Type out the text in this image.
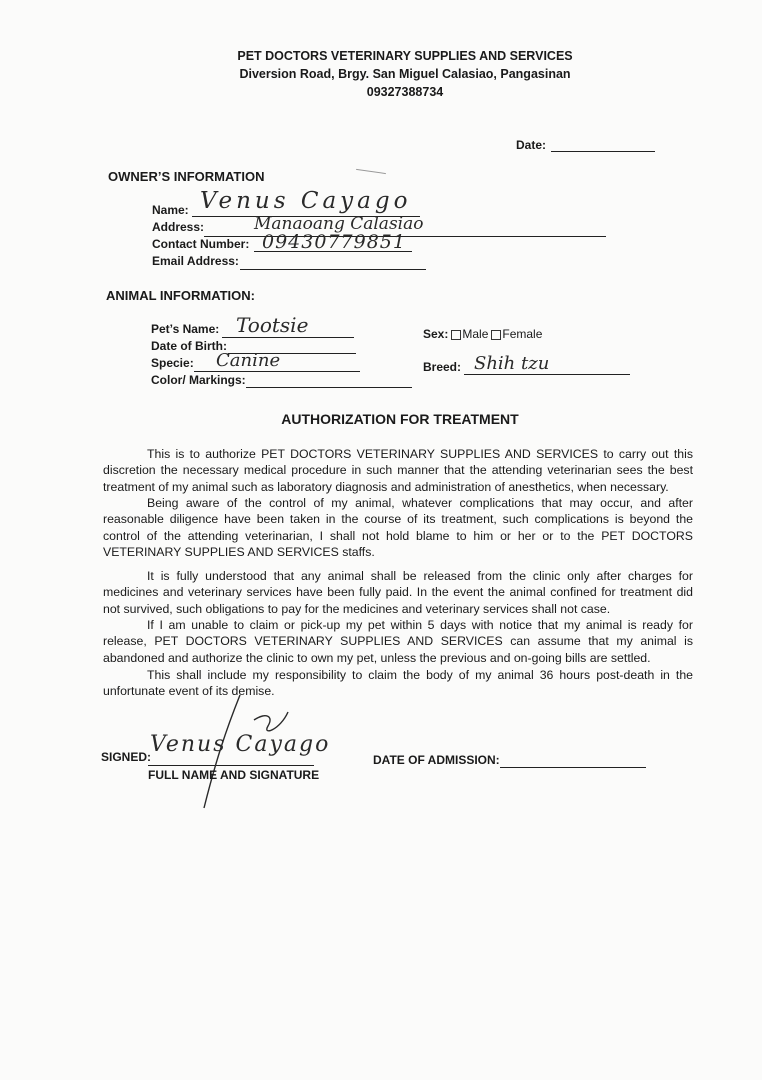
PET DOCTORS VETERINARY SUPPLIES AND SERVICES
Diversion Road, Brgy. San Miguel Calasiao, Pangasinan
09327388734
Date:
OWNER’S INFORMATION
Name: Venus Cayago
Address:	Manaoang Calasiao
Contact Number: 09430779851
Email Address:
ANIMAL INFORMATION:
Pet’s Name: Tootsie
Date of Birth:
Specie: Canine
Color/ Markings:
Sex: Male Female
Breed: Shih tzu
AUTHORIZATION FOR TREATMENT
This is to authorize PET DOCTORS VETERINARY SUPPLIES AND SERVICES to carry out this discretion the necessary medical procedure in such manner that the attending veterinarian sees the best treatment of my animal such as laboratory diagnosis and administration of anesthetics, when necessary.
Being aware of the control of my animal, whatever complications that may occur, and after reasonable diligence have been taken in the course of its treatment, such complications is beyond the control of the attending veterinarian, I shall not hold blame to him or her or to the PET DOCTORS VETERINARY SUPPLIES AND SERVICES staffs.
It is fully understood that any animal shall be released from the clinic only after charges for medicines and veterinary services have been fully paid. In the event the animal confined for treatment did not survived, such obligations to pay for the medicines and veterinary services shall not case.
If I am unable to claim or pick-up my pet within 5 days with notice that my animal is ready for release, PET DOCTORS VETERINARY SUPPLIES AND SERVICES can assume that my animal is abandoned and authorize the clinic to own my pet, unless the previous and on-going bills are settled.
This shall include my responsibility to claim the body of my animal 36 hours post-death in the unfortunate event of its demise.
SIGNED:
Venus Cayago
FULL NAME AND SIGNATURE
DATE OF ADMISSION:
